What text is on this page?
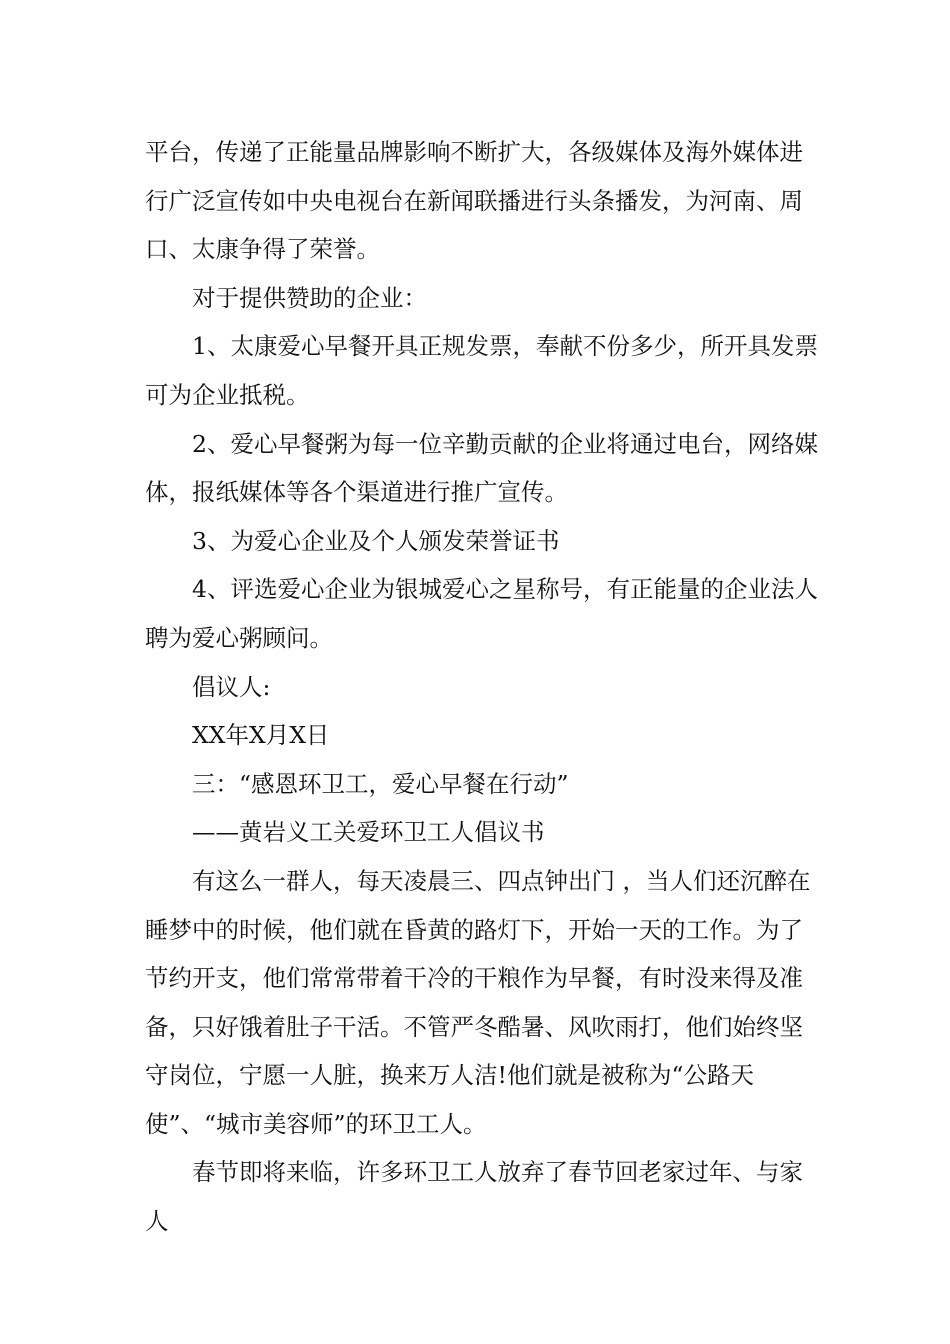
平台，传递了正能量品牌影响不断扩大，各级媒体及海外媒体进行广泛宣传如中央电视台在新闻联播进行头条播发，为河南、周口、太康争得了荣誉。

对于提供赞助的企业：

1、太康爱心早餐开具正规发票，奉献不份多少，所开具发票可为企业抵税。

2、爱心早餐粥为每一位辛勤贡献的企业将通过电台，网络媒体，报纸媒体等各个渠道进行推广宣传。

3、为爱心企业及个人颁发荣誉证书

4、评选爱心企业为银城爱心之星称号，有正能量的企业法人聘为爱心粥顾问。

倡议人:

XX年X月X日

三：“感恩环卫工，爱心早餐在行动”

——黄岩义工关爱环卫工人倡议书

有这么一群人，每天凌晨三、四点钟出门 ，当人们还沉醉在睡梦中的时候，他们就在昏黄的路灯下，开始一天的工作。为了节约开支，他们常常带着干冷的干粮作为早餐，有时没来得及准备，只好饿着肚子干活。不管严冬酷暑、风吹雨打，他们始终坚守岗位，宁愿一人脏，换来万人洁!他们就是被称为“公路天使”、“城市美容师”的环卫工人。

春节即将来临，许多环卫工人放弃了春节回老家过年、与家人
